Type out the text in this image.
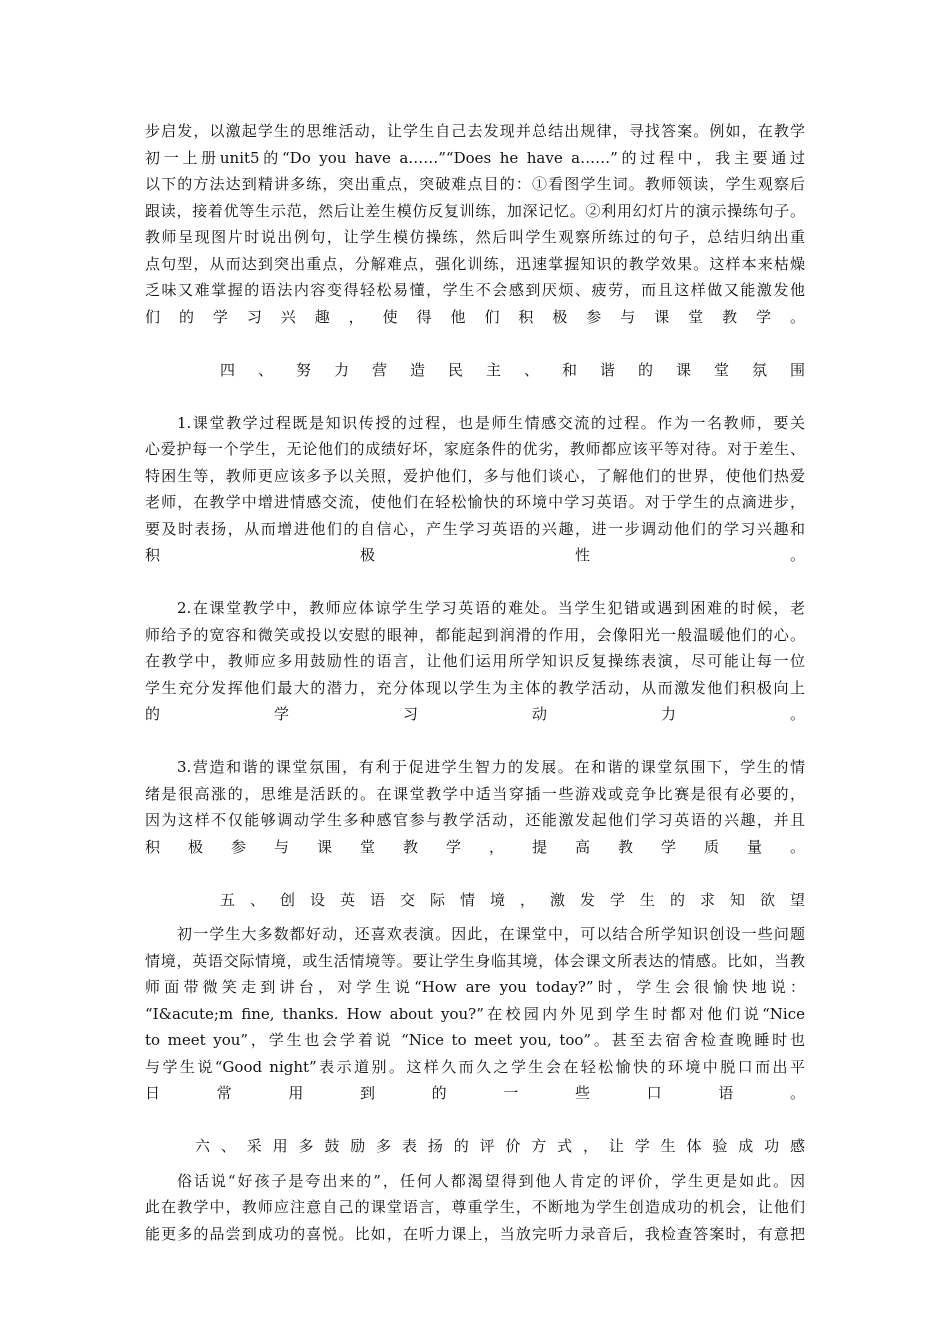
步启发，以激起学生的思维活动，让学生自己去发现并总结出规律，寻找答案。例如，在教学
初一上册unit5的“Do you have a……”“Does he have a……”的过程中，我主要通过
以下的方法达到精讲多练，突出重点，突破难点目的：①看图学生词。教师领读，学生观察后
跟读，接着优等生示范，然后让差生模仿反复训练，加深记忆。②利用幻灯片的演示操练句子。
教师呈现图片时说出例句，让学生模仿操练，然后叫学生观察所练过的句子，总结归纳出重
点句型，从而达到突出重点，分解难点，强化训练，迅速掌握知识的教学效果。这样本来枯燥
乏味又难掌握的语法内容变得轻松易懂，学生不会感到厌烦、疲劳，而且这样做又能激发他
们 的 学 习 兴 趣 ， 使 得 他 们 积 极 参 与 课 堂 教 学 。
四 、 努 力 营 造 民 主 、 和 谐 的 课 堂 氛 围
1.课堂教学过程既是知识传授的过程，也是师生情感交流的过程。作为一名教师，要关
心爱护每一个学生，无论他们的成绩好坏，家庭条件的优劣，教师都应该平等对待。对于差生、
特困生等，教师更应该多予以关照，爱护他们，多与他们谈心，了解他们的世界，使他们热爱
老师，在教学中增进情感交流，使他们在轻松愉快的环境中学习英语。对于学生的点滴进步，
要及时表扬，从而增进他们的自信心，产生学习英语的兴趣，进一步调动他们的学习兴趣和
积 极 性 。
2.在课堂教学中，教师应体谅学生学习英语的难处。当学生犯错或遇到困难的时候，老
师给予的宽容和微笑或投以安慰的眼神，都能起到润滑的作用，会像阳光一般温暖他们的心。
在教学中，教师应多用鼓励性的语言，让他们运用所学知识反复操练表演，尽可能让每一位
学生充分发挥他们最大的潜力，充分体现以学生为主体的教学活动，从而激发他们积极向上
的 学 习 动 力 。
3.营造和谐的课堂氛围，有利于促进学生智力的发展。在和谐的课堂氛围下，学生的情
绪是很高涨的，思维是活跃的。在课堂教学中适当穿插一些游戏或竞争比赛是很有必要的，
因为这样不仅能够调动学生多种感官参与教学活动，还能激发起他们学习英语的兴趣，并且
积 极 参 与 课 堂 教 学 ， 提 高 教 学 质 量 。
五 、 创 设 英 语 交 际 情 境 ， 激 发 学 生 的 求 知 欲 望
初一学生大多数都好动，还喜欢表演。因此，在课堂中，可以结合所学知识创设一些问题
情境，英语交际情境，或生活情境等。要让学生身临其境，体会课文所表达的情感。比如，当教
师面带微笑走到讲台，对学生说“How are you today?”时，学生会很愉快地说：
“I&acute;m fine, thanks. How about you?”在校园内外见到学生时都对他们说“Nice
to meet you”，学生也会学着说 “Nice to meet you, too”。甚至去宿舍检查晚睡时也
与学生说“Good night”表示道别。这样久而久之学生会在轻松愉快的环境中脱口而出平
日 常 用 到 的 一 些 口 语 。
六 、 采 用 多 鼓 励 多 表 扬 的 评 价 方 式 ， 让 学 生 体 验 成 功 感
俗话说“好孩子是夸出来的”，任何人都渴望得到他人肯定的评价，学生更是如此。因
此在教学中，教师应注意自己的课堂语言，尊重学生，不断地为学生创造成功的机会，让他们
能更多的品尝到成功的喜悦。比如，在听力课上，当放完听力录音后，我检查答案时，有意把
